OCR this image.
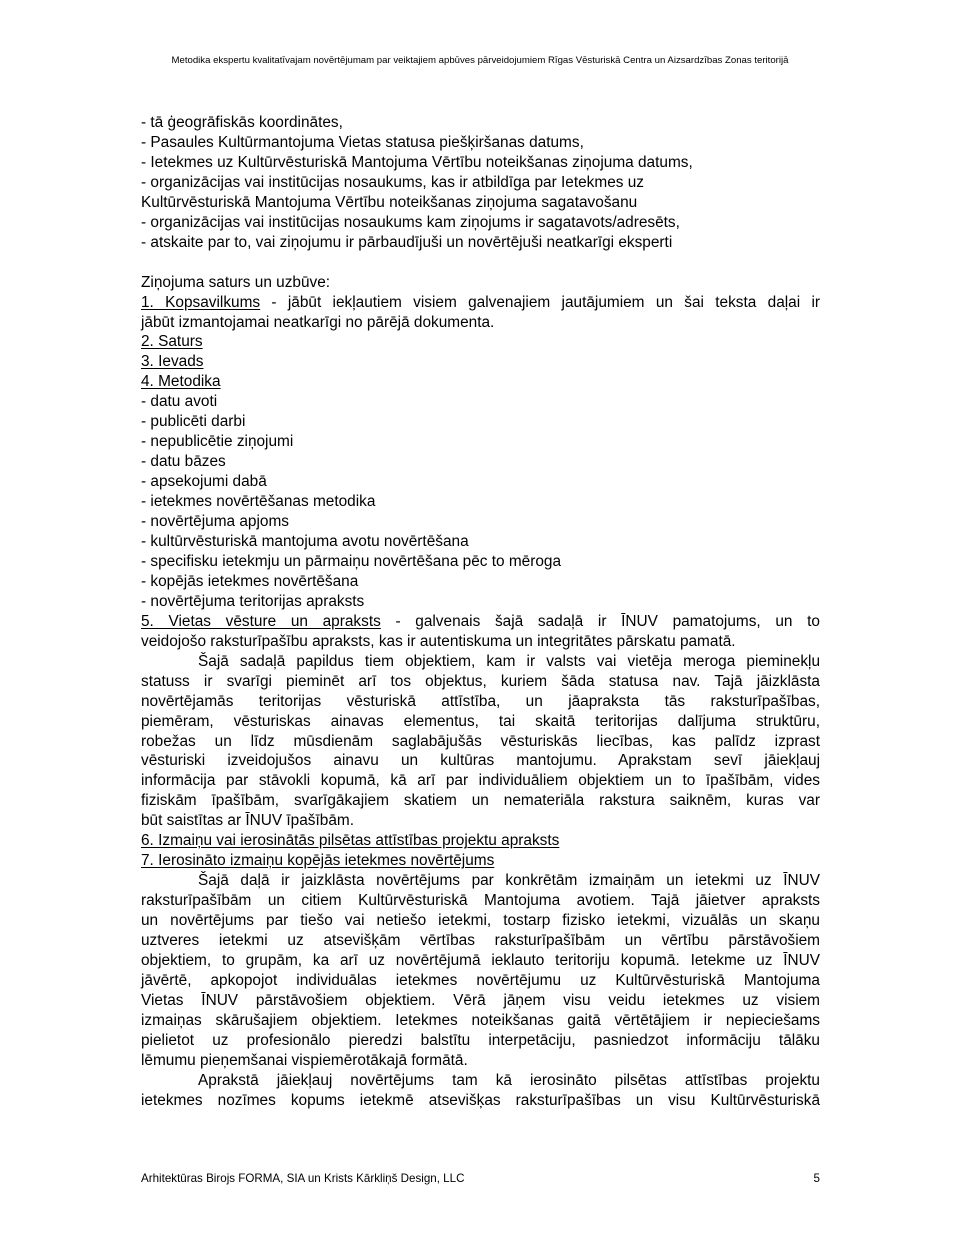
Metodika ekspertu kvalitatīvajam novērtējumam par veiktajiem apbūves pārveidojumiem Rīgas Vēsturiskā Centra un Aizsardzības Zonas teritorijā
- tā ģeogrāfiskās koordinātes,
- Pasaules Kultūrmantojuma Vietas statusa piešķiršanas datums,
- Ietekmes uz Kultūrvēsturiskā Mantojuma Vērtību noteikšanas ziņojuma datums,
- organizācijas vai institūcijas nosaukums, kas ir atbildīga par Ietekmes uz
Kultūrvēsturiskā Mantojuma Vērtību noteikšanas ziņojuma sagatavošanu
- organizācijas vai institūcijas nosaukums kam ziņojums ir sagatavots/adresēts,
- atskaite par to, vai ziņojumu ir pārbaudījuši un novērtējuši neatkarīgi eksperti
Ziņojuma saturs un uzbūve:
1. Kopsavilkums - jābūt iekļautiem visiem galvenajiem jautājumiem un šai teksta daļai ir
jābūt izmantojamai neatkarīgi no pārējā dokumenta.
2. Saturs
3. Ievads
4. Metodika
- datu avoti
- publicēti darbi
- nepublicētie ziņojumi
- datu bāzes
- apsekojumi dabā
- ietekmes novērtēšanas metodika
- novērtējuma apjoms
- kultūrvēsturiskā mantojuma avotu novērtēšana
- specifisku ietekmju un pārmaiņu novērtēšana pēc to mēroga
- kopējās ietekmes novērtēšana
- novērtējuma teritorijas apraksts
5. Vietas vēsture un apraksts - galvenais šajā sadaļā ir ĪNUV pamatojums, un to
veidojošo raksturīpašību apraksts, kas ir autentiskuma un integritātes pārskatu pamatā.
Šajā sadaļā papildus tiem objektiem, kam ir valsts vai vietēja meroga pieminekļu
statuss ir svarīgi pieminēt arī tos objektus, kuriem šāda statusa nav. Tajā jāizklāsta
novērtējamās teritorijas vēsturiskā attīstība, un jāapraksta tās raksturīpašības,
piemēram, vēsturiskas ainavas elementus, tai skaitā teritorijas dalījuma struktūru,
robežas un līdz mūsdienām saglabājušās vēsturiskās liecības, kas palīdz izprast
vēsturiski izveidojušos ainavu un kultūras mantojumu. Aprakstam sevī jāiekļauj
informācija par stāvokli kopumā, kā arī par individuāliem objektiem un to īpašībām, vides
fiziskām īpašībām, svarīgākajiem skatiem un nemateriāla rakstura saiknēm, kuras var
būt saistītas ar ĪNUV īpašībām.
6. Izmaiņu vai ierosinātās pilsētas attīstības projektu apraksts
7. Ierosināto izmaiņu kopējās ietekmes novērtējums
Šajā daļā ir jaizklāsta novērtējums par konkrētām izmaiņām un ietekmi uz ĪNUV
raksturīpašībām un citiem Kultūrvēsturiskā Mantojuma avotiem. Tajā jāietver apraksts
un novērtējums par tiešo vai netiešo ietekmi, tostarp fizisko ietekmi, vizuālās un skaņu
uztveres ietekmi uz atsevišķām vērtības raksturīpašībām un vērtību pārstāvošiem
objektiem, to grupām, ka arī uz novērtējumā ieklauto teritoriju kopumā. Ietekme uz ĪNUV
jāvērtē, apkopojot individuālas ietekmes novērtējumu uz Kultūrvēsturiskā Mantojuma
Vietas ĪNUV pārstāvošiem objektiem. Vērā jāņem visu veidu ietekmes uz visiem
izmaiņas skārušajiem objektiem. Ietekmes noteikšanas gaitā vērtētājiem ir nepieciešams
pielietot uz profesionālo pieredzi balstītu interpetāciju, pasniedzot informāciju tālāku
lēmumu pieņemšanai vispiemērotākajā formātā.
Aprakstā jāiekļauj novērtējums tam kā ierosināto pilsētas attīstības projektu
ietekmes nozīmes kopums ietekmē atsevišķas raksturīpašības un visu Kultūrvēsturiskā
Arhitektūras Birojs FORMA, SIA un Krists Kārkliņš Design, LLC	5
